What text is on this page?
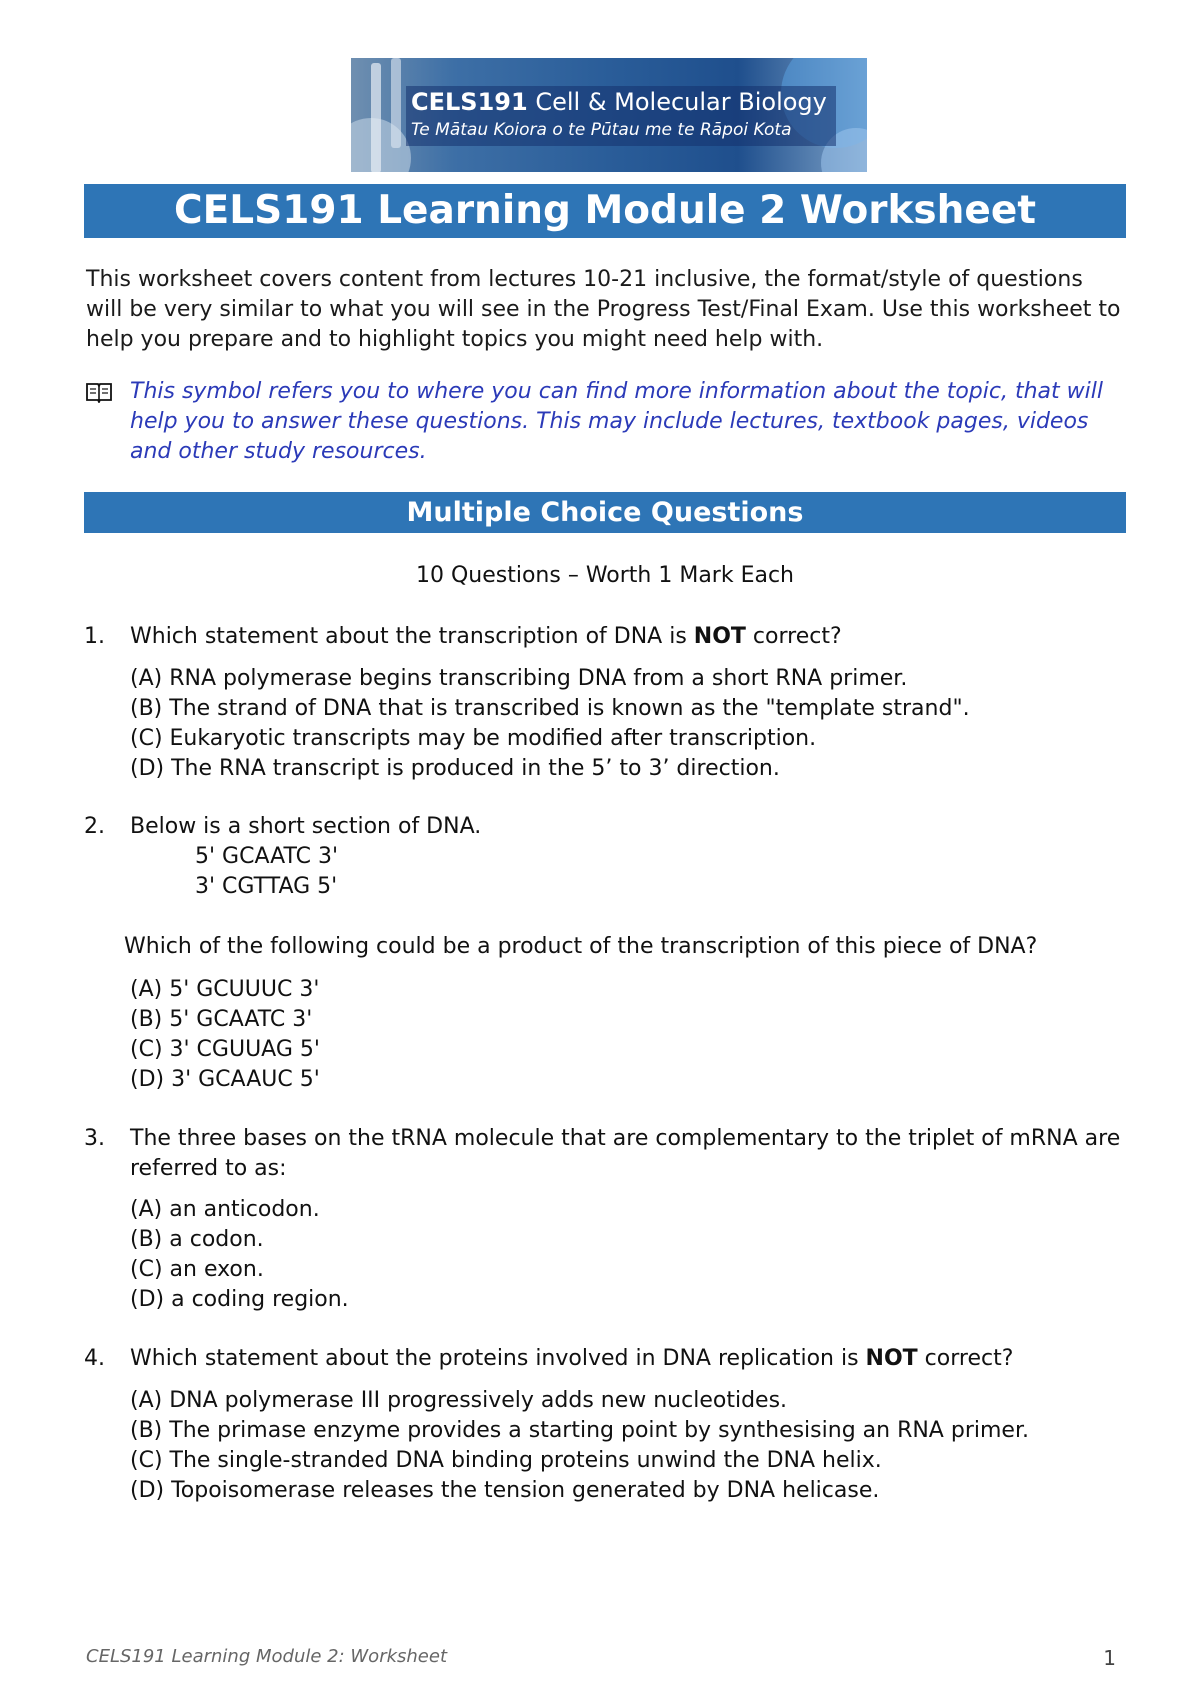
CELS191 Cell & Molecular Biology
Te Mātau Koiora o te Pūtau me te Rāpoi Kota
CELS191 Learning Module 2 Worksheet
This worksheet covers content from lectures 10-21 inclusive, the format/style of questions will be very similar to what you will see in the Progress Test/Final Exam. Use this worksheet to help you prepare and to highlight topics you might need help with.
This symbol refers you to where you can find more information about the topic, that will help you to answer these questions. This may include lectures, textbook pages, videos and other study resources.
Multiple Choice Questions
10 Questions – Worth 1 Mark Each
1. Which statement about the transcription of DNA is NOT correct?
(A) RNA polymerase begins transcribing DNA from a short RNA primer.
(B) The strand of DNA that is transcribed is known as the "template strand".
(C) Eukaryotic transcripts may be modified after transcription.
(D) The RNA transcript is produced in the 5’ to 3’ direction.
2. Below is a short section of DNA.
5' GCAATC 3'
3' CGTTAG 5'
Which of the following could be a product of the transcription of this piece of DNA?
(A) 5' GCUUUC 3'
(B) 5' GCAATC 3'
(C) 3' CGUUAG 5'
(D) 3' GCAAUC 5'
3. The three bases on the tRNA molecule that are complementary to the triplet of mRNA are referred to as:
(A) an anticodon.
(B) a codon.
(C) an exon.
(D) a coding region.
4. Which statement about the proteins involved in DNA replication is NOT correct?
(A) DNA polymerase III progressively adds new nucleotides.
(B) The primase enzyme provides a starting point by synthesising an RNA primer.
(C) The single-stranded DNA binding proteins unwind the DNA helix.
(D) Topoisomerase releases the tension generated by DNA helicase.
CELS191 Learning Module 2: Worksheet	1
